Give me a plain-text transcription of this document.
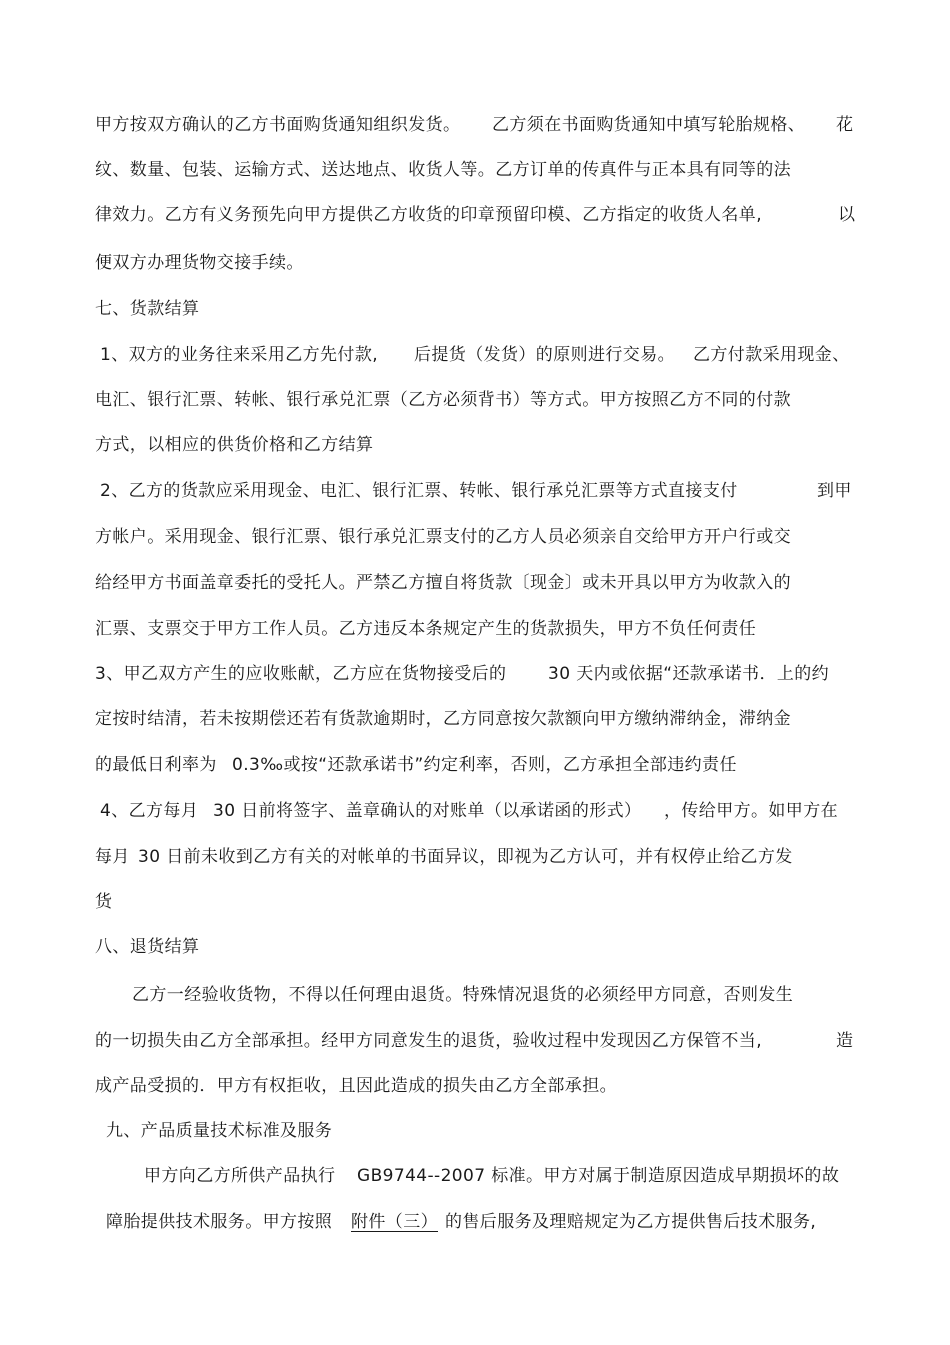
甲方按双方确认的乙方书面购货通知组织发货。

乙方须在书面购货通知中填写轮胎规格、

花

纹、数量、包装、运输方式、送达地点、收货人等。乙方订单的传真件与正本具有同等的法

律效力。乙方有义务预先向甲方提供乙方收货的印章预留印模、乙方指定的收货人名单,

	以

便双方办理货物交接手续。

七、货款结算

1、双方的业务往来采用乙方先付款,

后提货（发货）的原则进行交易。

乙方付款采用现金、

电汇、银行汇票、转帐、银行承兑汇票（乙方必须背书）等方式。甲方按照乙方不同的付款

方式，以相应的供货价格和乙方结算

2、乙方的货款应采用现金、电汇、银行汇票、转帐、银行承兑汇票等方式直接支付

	到甲

方帐户。采用现金、银行汇票、银行承兑汇票支付的乙方人员必须亲自交给甲方开户行或交

给经甲方书面盖章委托的受托人。严禁乙方擅自将货款〔现金〕或未开具以甲方为收款入的

汇票、支票交于甲方工作人员。乙方违反本条规定产生的货款损失，甲方不负任何责任

3、甲乙双方产生的应收账献，乙方应在货物接受后的

30 天内或依据“还款承诺书．上的约

定按时结清，若未按期偿还若有货款逾期时，乙方同意按欠款额向甲方缴纳滞纳金，滞纳金

的最低日利率为

0.3‰或按“还款承诺书”约定利率，否则，乙方承担全部违约责任

4、乙方每月

30 日前将签字、盖章确认的对账单（以承诺函的形式）

，传给甲方。如甲方在

每月

30 日前未收到乙方有关的对帐单的书面异议，即视为乙方认可，并有权停止给乙方发

货

八、退货结算

乙方一经验收货物，不得以任何理由退货。特殊情况退货的必须经甲方同意，否则发生

的一切损失由乙方全部承担。经甲方同意发生的退货，验收过程中发现因乙方保管不当,

	造

成产品受损的．甲方有权拒收，且因此造成的损失由乙方全部承担。

九、产品质量技术标准及服务

甲方向乙方所供产品执行

GB9744--2007 标准。甲方对属于制造原因造成早期损坏的故

障胎提供技术服务。甲方按照

附件（三）

的售后服务及理赔规定为乙方提供售后技术服务,
